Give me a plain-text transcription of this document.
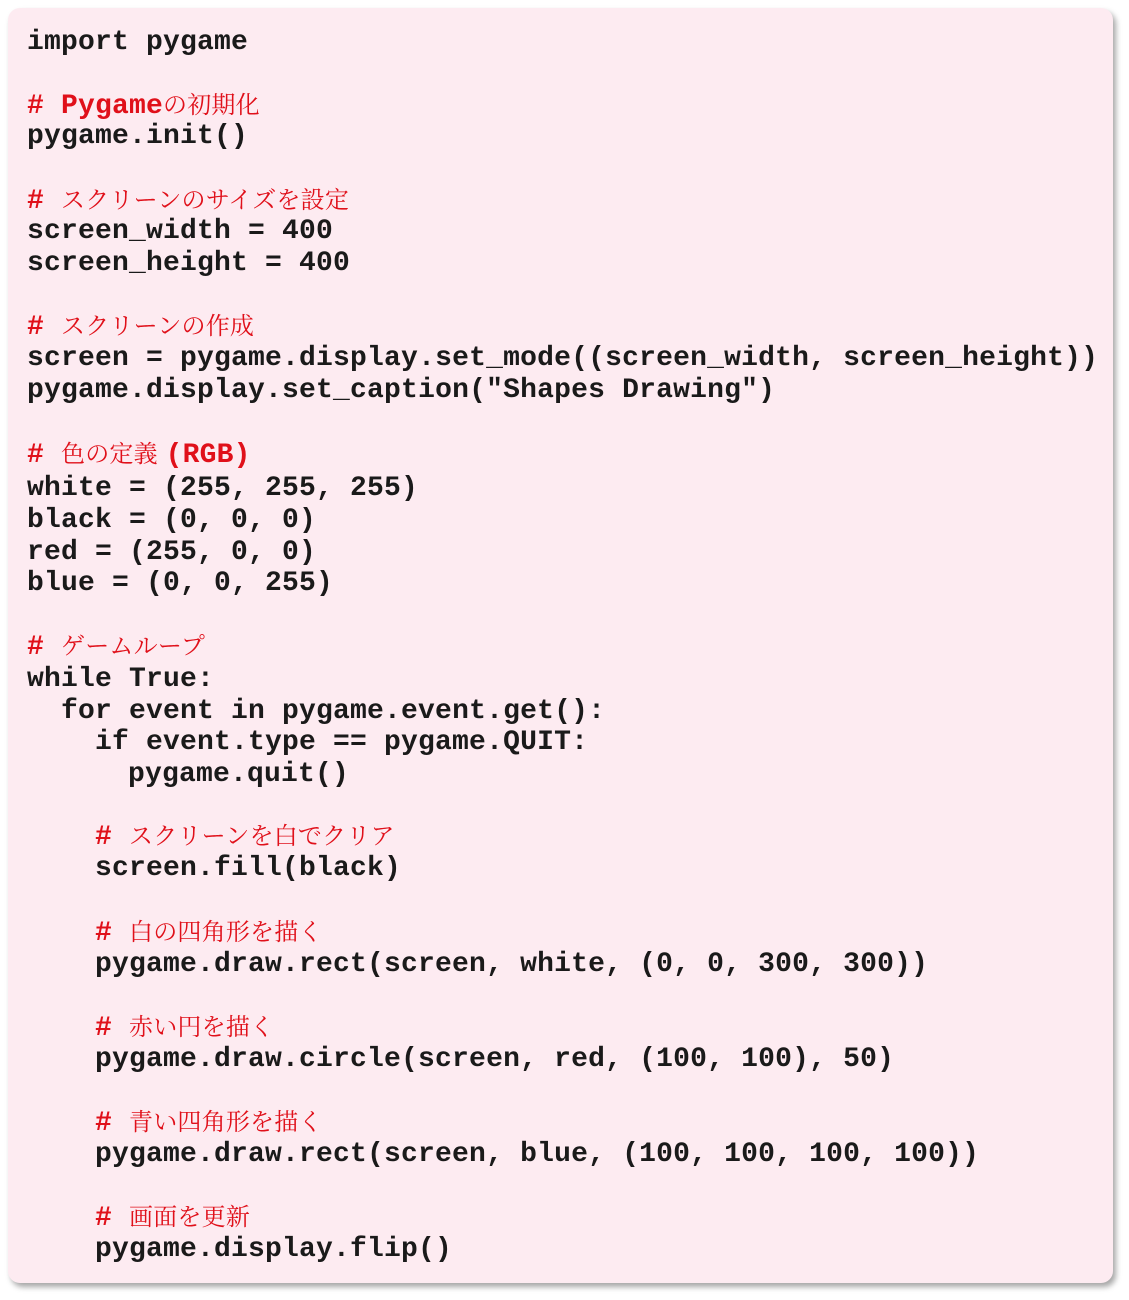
import pygame
# Pygameの初期化
pygame.init()
# スクリーンのサイズを設定
screen_width = 400
screen_height = 400
# スクリーンの作成
screen = pygame.display.set_mode((screen_width, screen_height))
pygame.display.set_caption("Shapes Drawing")
# 色の定義 (RGB)
white = (255, 255, 255)
black = (0, 0, 0)
red = (255, 0, 0)
blue = (0, 0, 255)
# ゲームループ
while True:
for event in pygame.event.get():
if event.type == pygame.QUIT:
pygame.quit()
# スクリーンを白でクリア
screen.fill(black)
# 白の四角形を描く
pygame.draw.rect(screen, white, (0, 0, 300, 300))
# 赤い円を描く
pygame.draw.circle(screen, red, (100, 100), 50)
# 青い四角形を描く
pygame.draw.rect(screen, blue, (100, 100, 100, 100))
# 画面を更新
pygame.display.flip()
